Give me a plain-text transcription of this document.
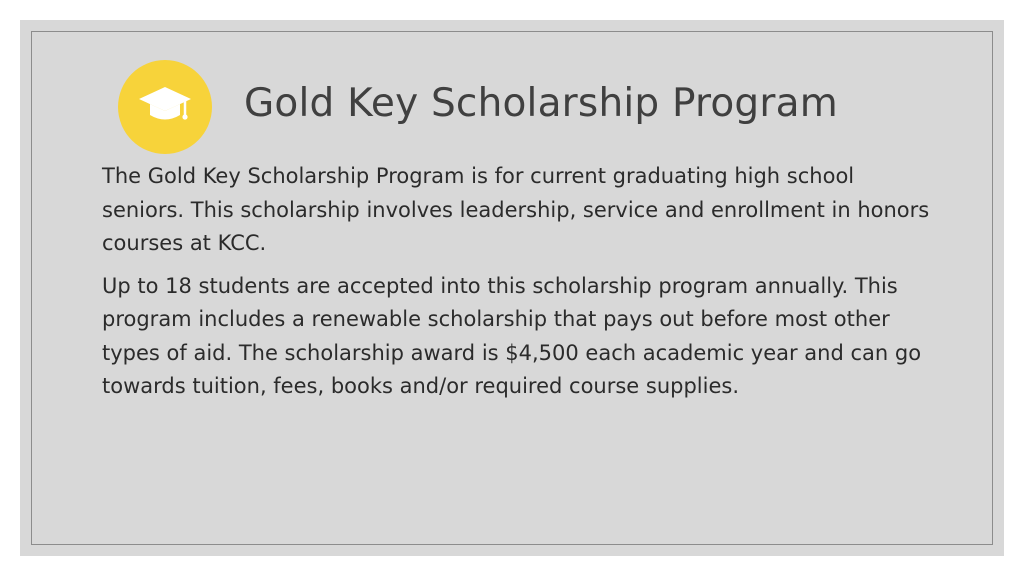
Gold Key Scholarship Program

The Gold Key Scholarship Program is for current graduating high school seniors. This scholarship involves leadership, service and enrollment in honors courses at KCC.

Up to 18 students are accepted into this scholarship program annually. This program includes a renewable scholarship that pays out before most other types of aid. The scholarship award is $4,500 each academic year and can go towards tuition, fees, books and/or required course supplies.
